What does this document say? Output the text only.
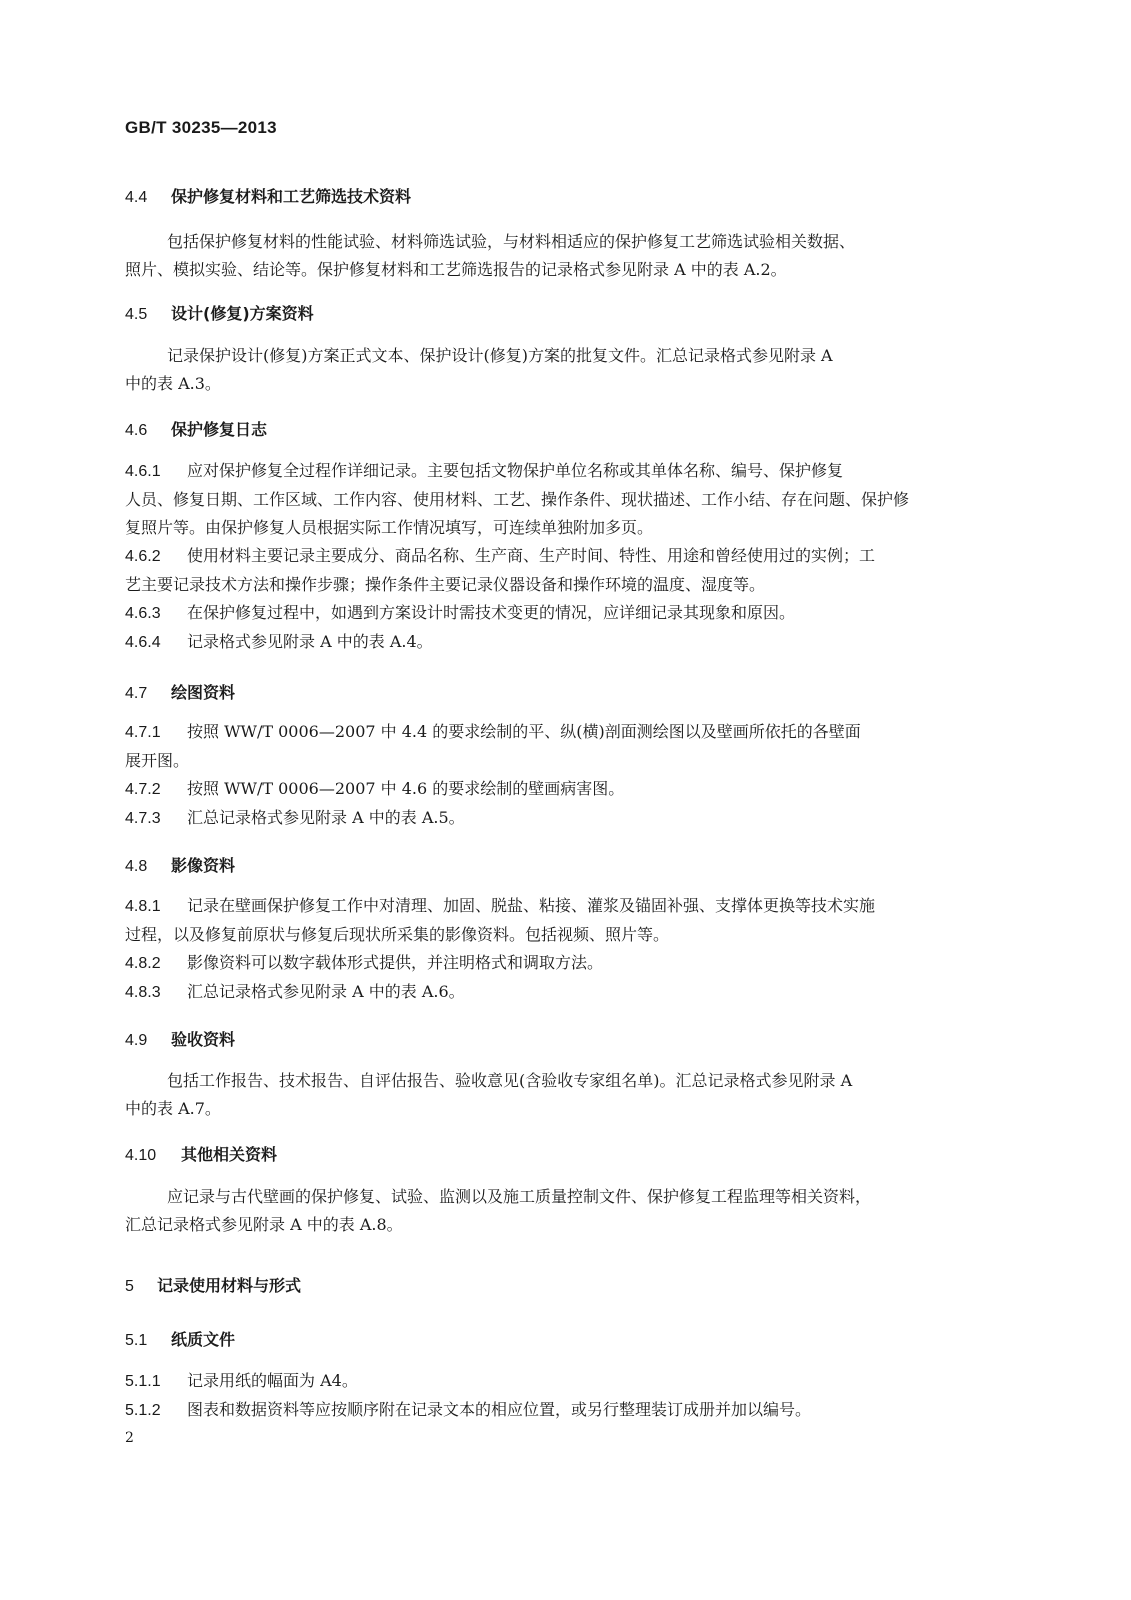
GB/T 30235—2013
4.4 保护修复材料和工艺筛选技术资料
包括保护修复材料的性能试验、材料筛选试验，与材料相适应的保护修复工艺筛选试验相关数据、
照片、模拟实验、结论等。保护修复材料和工艺筛选报告的记录格式参见附录 A 中的表 A.2。
4.5 设计(修复)方案资料
记录保护设计(修复)方案正式文本、保护设计(修复)方案的批复文件。汇总记录格式参见附录 A
中的表 A.3。
4.6 保护修复日志
4.6.1 应对保护修复全过程作详细记录。主要包括文物保护单位名称或其单体名称、编号、保护修复
人员、修复日期、工作区域、工作内容、使用材料、工艺、操作条件、现状描述、工作小结、存在问题、保护修
复照片等。由保护修复人员根据实际工作情况填写，可连续单独附加多页。
4.6.2 使用材料主要记录主要成分、商品名称、生产商、生产时间、特性、用途和曾经使用过的实例；工
艺主要记录技术方法和操作步骤；操作条件主要记录仪器设备和操作环境的温度、湿度等。
4.6.3 在保护修复过程中，如遇到方案设计时需技术变更的情况，应详细记录其现象和原因。
4.6.4 记录格式参见附录 A 中的表 A.4。
4.7 绘图资料
4.7.1 按照 WW/T 0006—2007 中 4.4 的要求绘制的平、纵(横)剖面测绘图以及壁画所依托的各壁面
展开图。
4.7.2 按照 WW/T 0006—2007 中 4.6 的要求绘制的壁画病害图。
4.7.3 汇总记录格式参见附录 A 中的表 A.5。
4.8 影像资料
4.8.1 记录在壁画保护修复工作中对清理、加固、脱盐、粘接、灌浆及锚固补强、支撑体更换等技术实施
过程，以及修复前原状与修复后现状所采集的影像资料。包括视频、照片等。
4.8.2 影像资料可以数字载体形式提供，并注明格式和调取方法。
4.8.3 汇总记录格式参见附录 A 中的表 A.6。
4.9 验收资料
包括工作报告、技术报告、自评估报告、验收意见(含验收专家组名单)。汇总记录格式参见附录 A
中的表 A.7。
4.10 其他相关资料
应记录与古代壁画的保护修复、试验、监测以及施工质量控制文件、保护修复工程监理等相关资料，
汇总记录格式参见附录 A 中的表 A.8。
5 记录使用材料与形式
5.1 纸质文件
5.1.1 记录用纸的幅面为 A4。
5.1.2 图表和数据资料等应按顺序附在记录文本的相应位置，或另行整理装订成册并加以编号。
2
